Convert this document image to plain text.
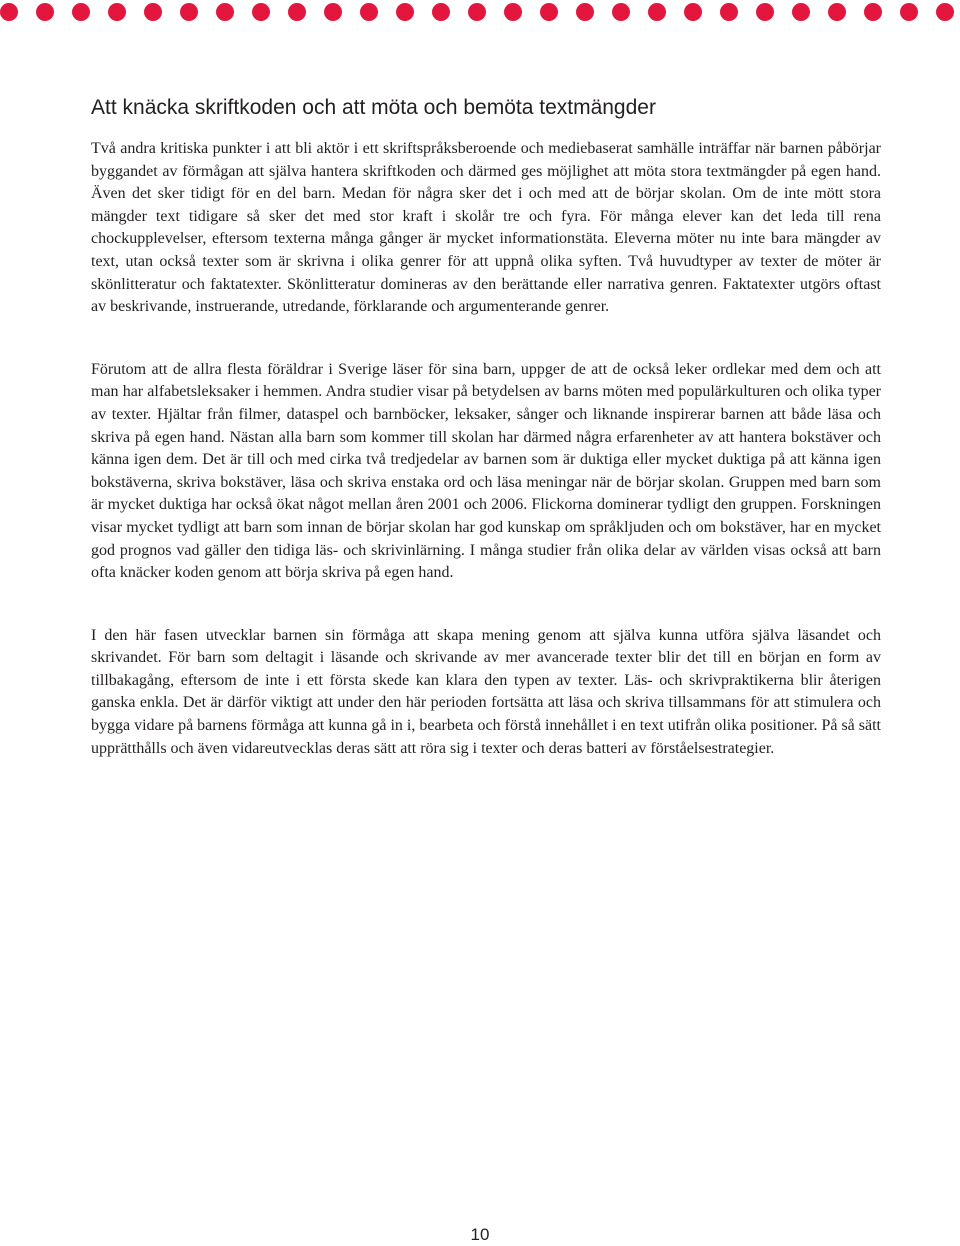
Att knäcka skriftkoden och att möta och bemöta textmängder

Två andra kritiska punkter i att bli aktör i ett skriftspråksberoende och mediebaserat samhälle inträffar när barnen påbörjar byggandet av förmågan att själva hantera skriftkoden och därmed ges möjlighet att möta stora textmängder på egen hand. Även det sker tidigt för en del barn. Medan för några sker det i och med att de börjar skolan. Om de inte mött stora mängder text tidigare så sker det med stor kraft i skolår tre och fyra. För många elever kan det leda till rena chockupplevelser, eftersom texterna många gånger är mycket informationstäta. Eleverna möter nu inte bara mängder av text, utan också texter som är skrivna i olika genrer för att uppnå olika syften. Två huvudtyper av texter de möter är skönlitteratur och faktatexter. Skönlitteratur domineras av den berättande eller narrativa genren. Faktatexter utgörs oftast av beskrivande, instruerande, utredande, förklarande och argumenterande genrer.

Förutom att de allra flesta föräldrar i Sverige läser för sina barn, uppger de att de också leker ordlekar med dem och att man har alfabetsleksaker i hemmen. Andra studier visar på betydelsen av barns möten med populärkulturen och olika typer av texter. Hjältar från filmer, dataspel och barnböcker, leksaker, sånger och liknande inspirerar barnen att både läsa och skriva på egen hand. Nästan alla barn som kommer till skolan har därmed några erfarenheter av att hantera bokstäver och känna igen dem. Det är till och med cirka två tredjedelar av barnen som är duktiga eller mycket duktiga på att känna igen bokstäverna, skriva bokstäver, läsa och skriva enstaka ord och läsa meningar när de börjar skolan. Gruppen med barn som är mycket duktiga har också ökat något mellan åren 2001 och 2006. Flickorna dominerar tydligt den gruppen. Forskningen visar mycket tydligt att barn som innan de börjar skolan har god kunskap om språkljuden och om bokstäver, har en mycket god prognos vad gäller den tidiga läs- och skrivinlärning. I många studier från olika delar av världen visas också att barn ofta knäcker koden genom att börja skriva på egen hand.

I den här fasen utvecklar barnen sin förmåga att skapa mening genom att själva kunna utföra själva läsandet och skrivandet. För barn som deltagit i läsande och skrivande av mer avancerade texter blir det till en början en form av tillbakagång, eftersom de inte i ett första skede kan klara den typen av texter. Läs- och skrivpraktikerna blir återigen ganska enkla. Det är därför viktigt att under den här perioden fortsätta att läsa och skriva tillsammans för att stimulera och bygga vidare på barnens förmåga att kunna gå in i, bearbeta och förstå innehållet i en text utifrån olika positioner. På så sätt upprätthålls och även vidareutvecklas deras sätt att röra sig i texter och deras batteri av förståelsestrategier.

10
